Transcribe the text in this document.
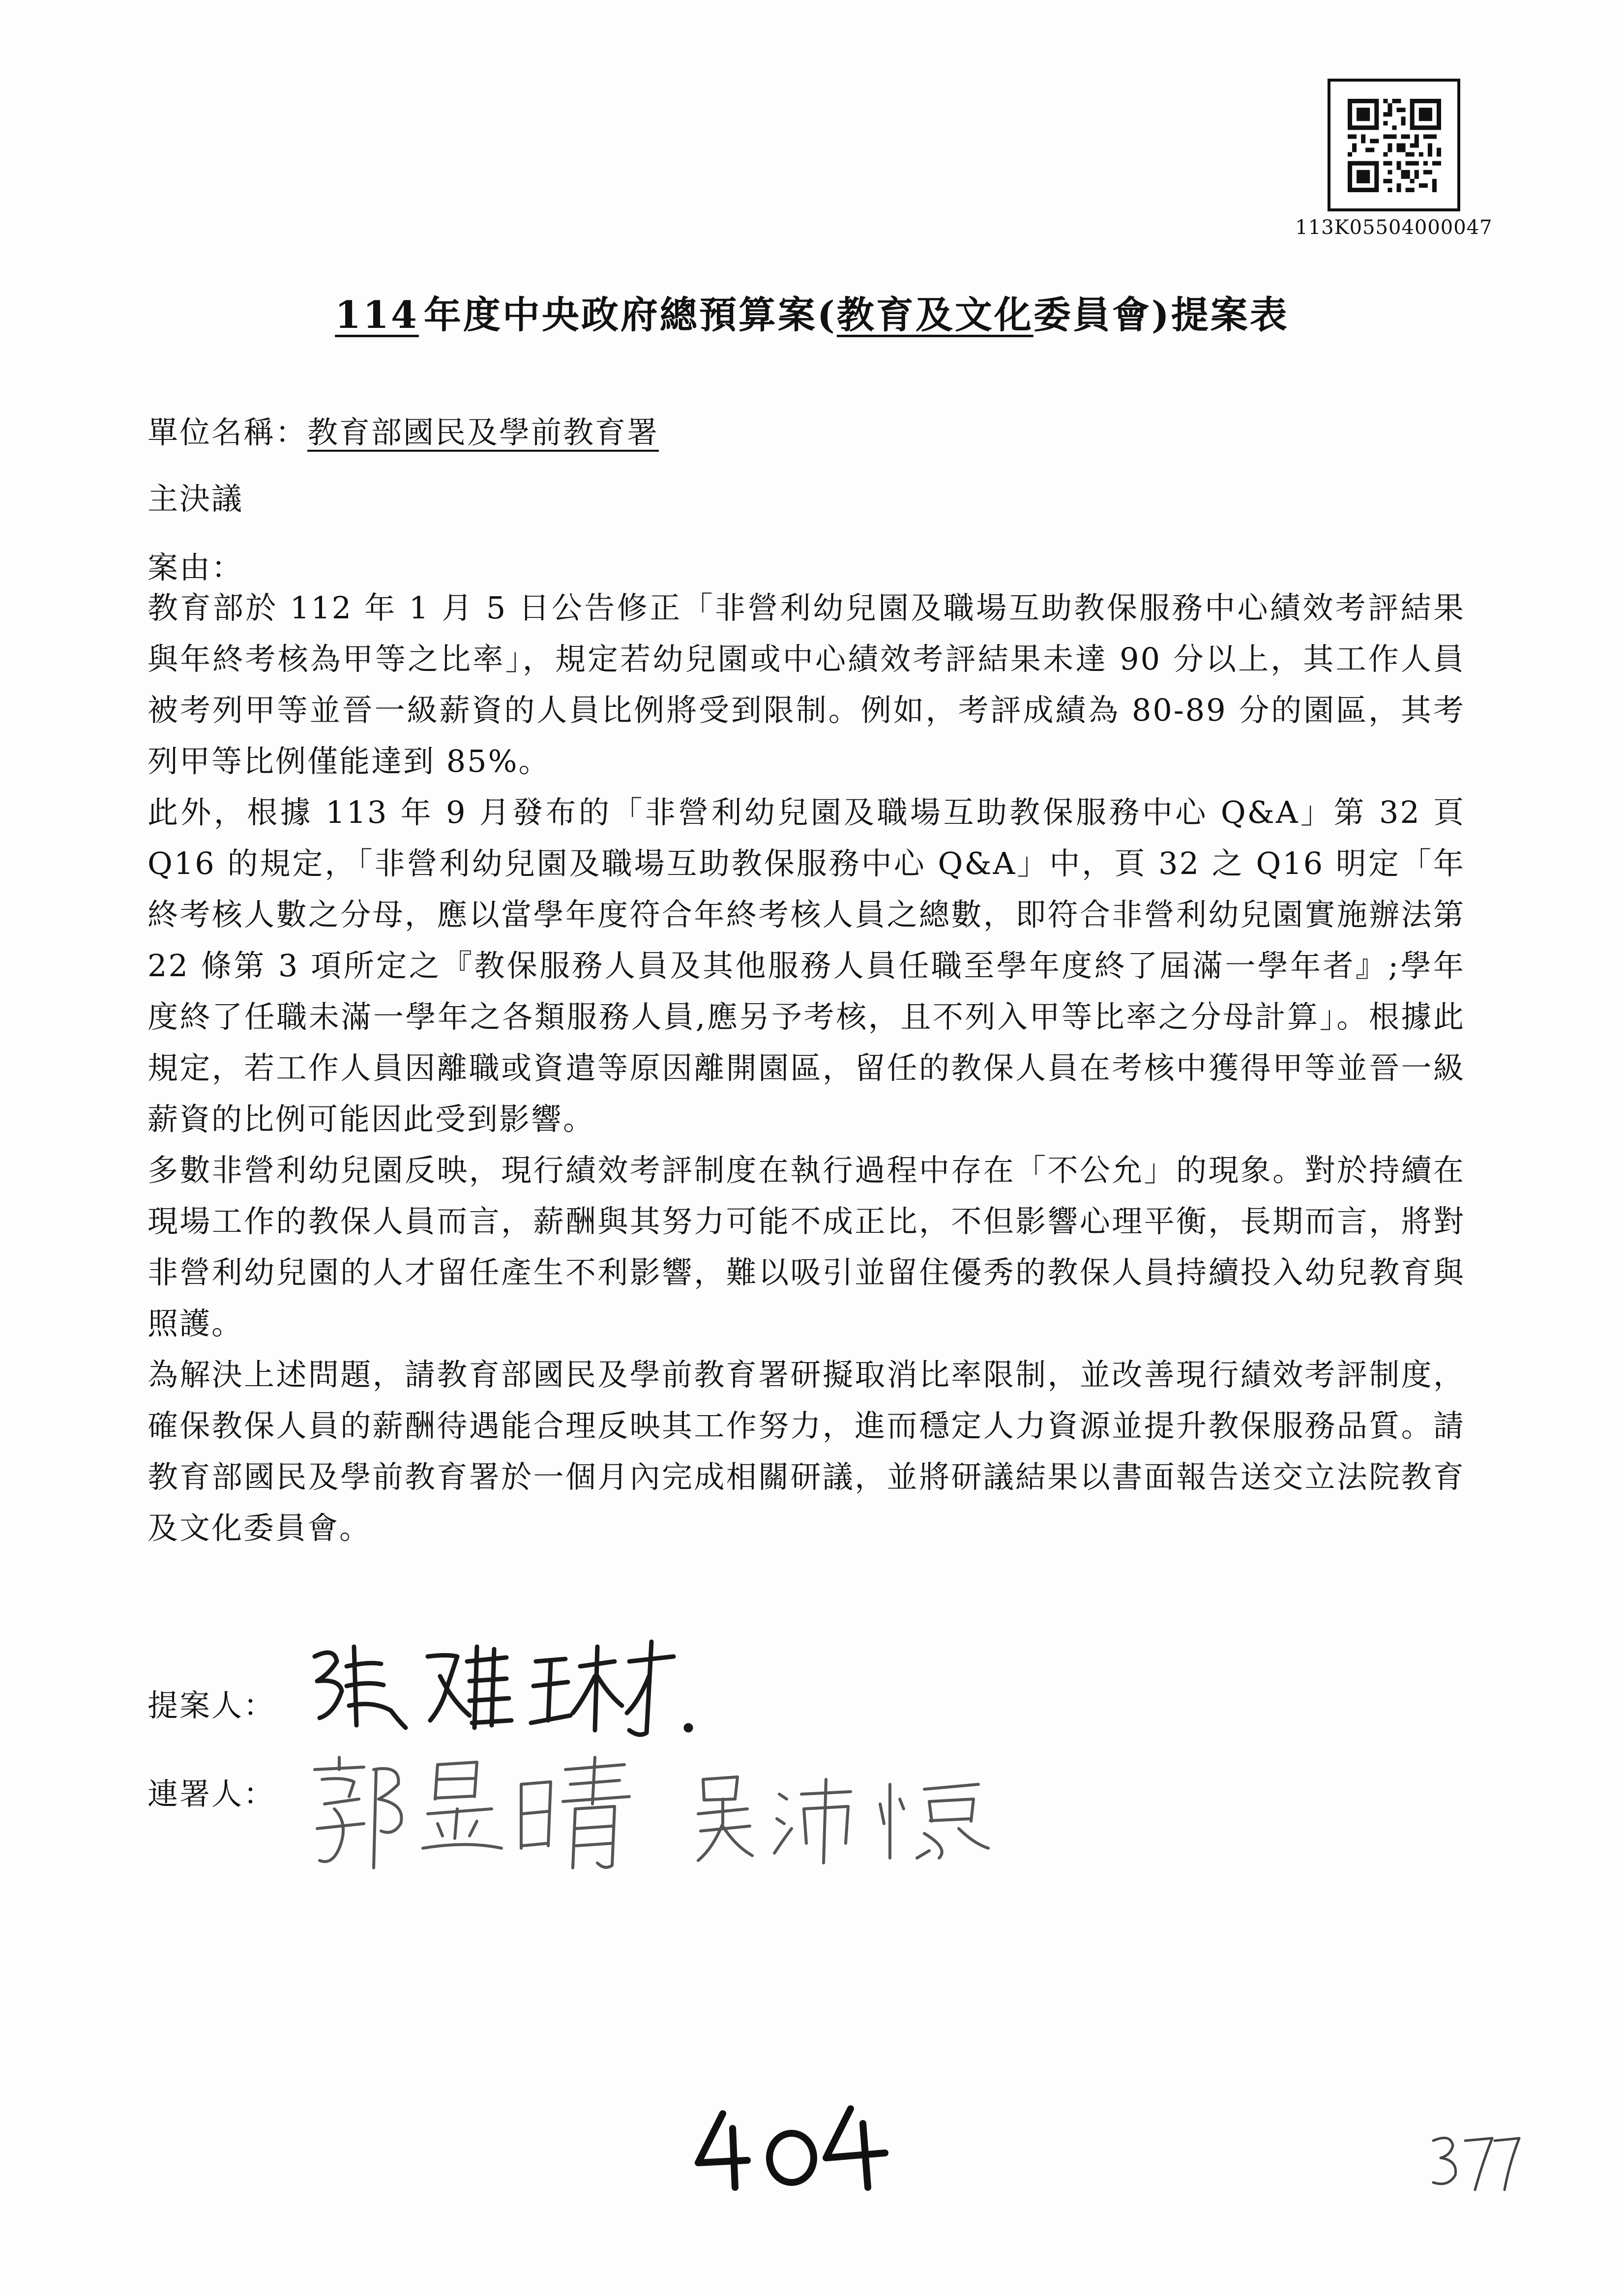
113K05504000047
114 年度中央政府總預算案(教育及文化委員會)提案表
單位名稱：教育部國民及學前教育署
主決議
案由：

教育部於 112 年 1 月 5 日公告修正「非營利幼兒園及職場互助教保服務中心績效考評結果與年終考核為甲等之比率」，規定若幼兒園或中心績效考評結果未達 90 分以上，其工作人員被考列甲等並晉一級薪資的人員比例將受到限制。例如，考評成績為 80-89 分的園區，其考列甲等比例僅能達到 85%。

此外，根據 113 年 9 月發布的「非營利幼兒園及職場互助教保服務中心 Q&A」第 32 頁 Q16 的規定，「非營利幼兒園及職場互助教保服務中心 Q&A」中，頁 32 之 Q16 明定「年終考核人數之分母，應以當學年度符合年終考核人員之總數，即符合非營利幼兒園實施辦法第 22 條第 3 項所定之『教保服務人員及其他服務人員任職至學年度終了屆滿一學年者』;學年度終了任職未滿一學年之各類服務人員,應另予考核，且不列入甲等比率之分母計算」。根據此規定，若工作人員因離職或資遣等原因離開園區，留任的教保人員在考核中獲得甲等並晉一級薪資的比例可能因此受到影響。

多數非營利幼兒園反映，現行績效考評制度在執行過程中存在「不公允」的現象。對於持續在現場工作的教保人員而言，薪酬與其努力可能不成正比，不但影響心理平衡，長期而言，將對非營利幼兒園的人才留任產生不利影響，難以吸引並留住優秀的教保人員持續投入幼兒教育與照護。

為解決上述問題，請教育部國民及學前教育署研擬取消比率限制，並改善現行績效考評制度，確保教保人員的薪酬待遇能合理反映其工作努力，進而穩定人力資源並提升教保服務品質。請教育部國民及學前教育署於一個月內完成相關研議，並將研議結果以書面報告送交立法院教育及文化委員會。

提案人：
連署人：
